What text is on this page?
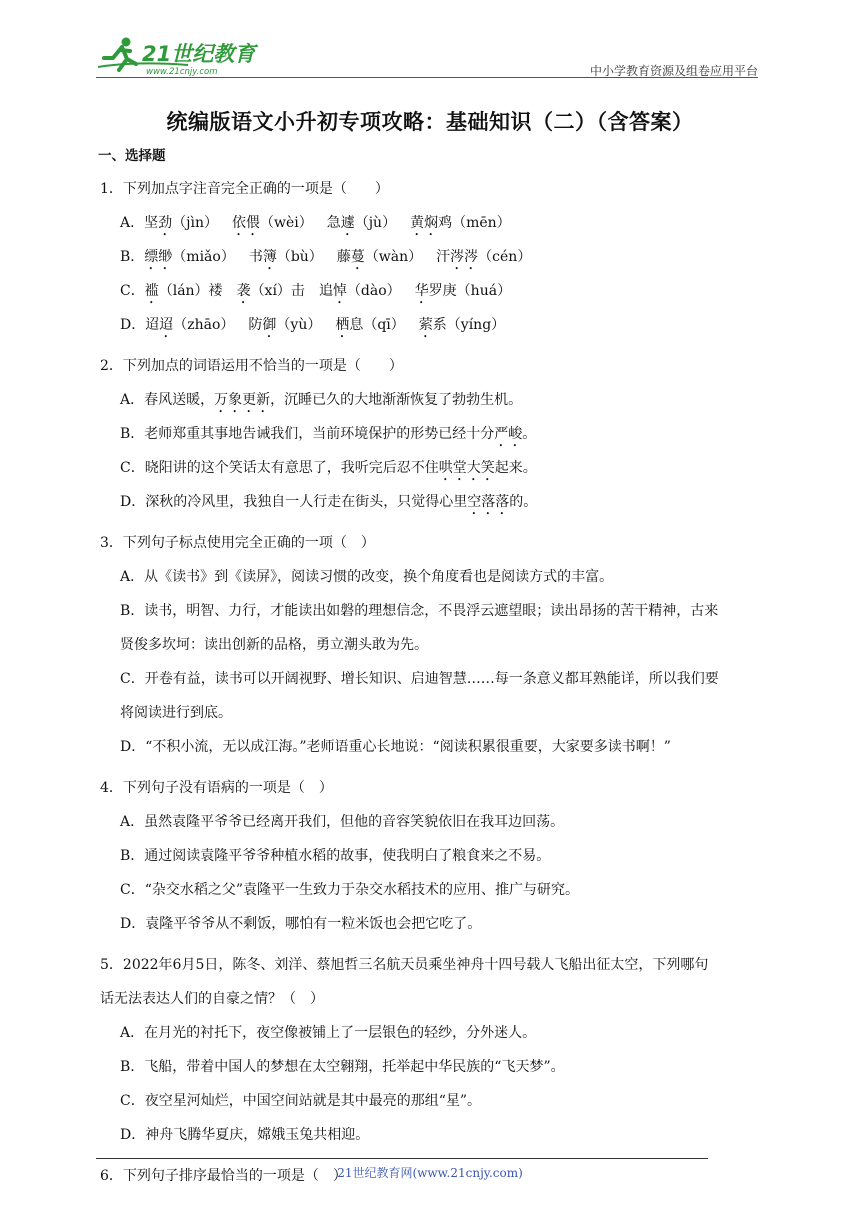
21世纪教育
www.21cnjy.com	中小学教育资源及组卷应用平台
统编版语文小升初专项攻略：基础知识（二）（含答案）
一、选择题
1．下列加点字注音完全正确的一项是（　　）
A．坚劲（jìn） 依偎（wèi） 急遽（jù） 黄焖鸡（mēn）
B．缥缈（miǎo） 书簿（bù） 藤蔓（wàn） 汗涔涔（cén）
C．褴（lán）褛 袭（xí）击 追悼（dào） 华罗庚（huá）
D．迢迢（zhāo） 防御（yù） 栖息（qī） 萦系（yíng）
2．下列加点的词语运用不恰当的一项是（　　）
A．春风送暖，万象更新，沉睡已久的大地渐渐恢复了勃勃生机。
B．老师郑重其事地告诫我们，当前环境保护的形势已经十分严峻。
C．晓阳讲的这个笑话太有意思了，我听完后忍不住哄堂大笑起来。
D．深秋的冷风里，我独自一人行走在街头，只觉得心里空落落的。
3．下列句子标点使用完全正确的一项（　）
A．从《读书》到《读屏》，阅读习惯的改变，换个角度看也是阅读方式的丰富。
B．读书，明智、力行，才能读出如磐的理想信念，不畏浮云遮望眼；读出昂扬的苦干精神，古来
贤俊多坎坷：读出创新的品格，勇立潮头敢为先。
C．开卷有益，读书可以开阔视野、增长知识、启迪智慧……每一条意义都耳熟能详，所以我们要
将阅读进行到底。
D．“不积小流，无以成江海。”老师语重心长地说：“阅读积累很重要，大家要多读书啊！”
4．下列句子没有语病的一项是（　）
A．虽然袁隆平爷爷已经离开我们，但他的音容笑貌依旧在我耳边回荡。
B．通过阅读袁隆平爷爷种植水稻的故事，使我明白了粮食来之不易。
C．“杂交水稻之父”袁隆平一生致力于杂交水稻技术的应用、推广与研究。
D．袁隆平爷爷从不剩饭，哪怕有一粒米饭也会把它吃了。
5．2022年6月5日，陈冬、刘洋、蔡旭哲三名航天员乘坐神舟十四号载人飞船出征太空，下列哪句
话无法表达人们的自豪之情？（　）
A．在月光的衬托下，夜空像被铺上了一层银色的轻纱，分外迷人。
B．飞船，带着中国人的梦想在太空翱翔，托举起中华民族的“飞天梦”。
C．夜空星河灿烂，中国空间站就是其中最亮的那组“星”。
D．神舟飞腾华夏庆，嫦娥玉兔共相迎。
6．下列句子排序最恰当的一项是（　）
21世纪教育网(www.21cnjy.com)
